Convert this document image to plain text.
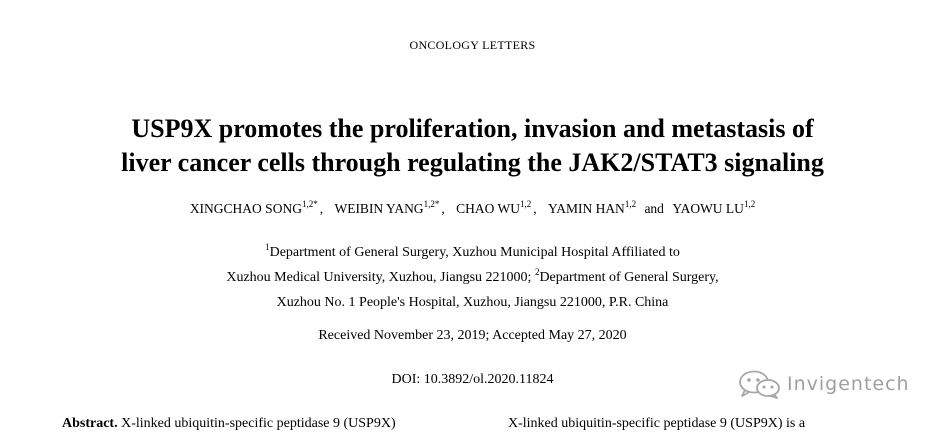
ONCOLOGY LETTERS
USP9X promotes the proliferation, invasion and metastasis of
liver cancer cells through regulating the JAK2/STAT3 signaling
XINGCHAO $SONG^{1,2*}$ , WEIBIN $YANG^{1,2*}$ , CHAO WU$^{1,2}$ , YAMIN HAN$^{1,2}$ and YAOWU LU$^{1,2}$
$^1$Department of General Surgery, Xuzhou Municipal Hospital Affiliated to
Xuzhou Medical University, Xuzhou, Jiangsu 221000; $^2$Department of General Surgery,
Xuzhou No. 1 People's Hospital, Xuzhou, Jiangsu 221000, P.R. China
Received November 23, 2019; Accepted May 27, 2020
DOI: 10.3892/ol.2020.11824
Abstract. X-linked ubiquitin-specific peptidase 9 (USP9X)	X-linked ubiquitin-specific peptidase 9 (USP9X) is a
Invigentech
